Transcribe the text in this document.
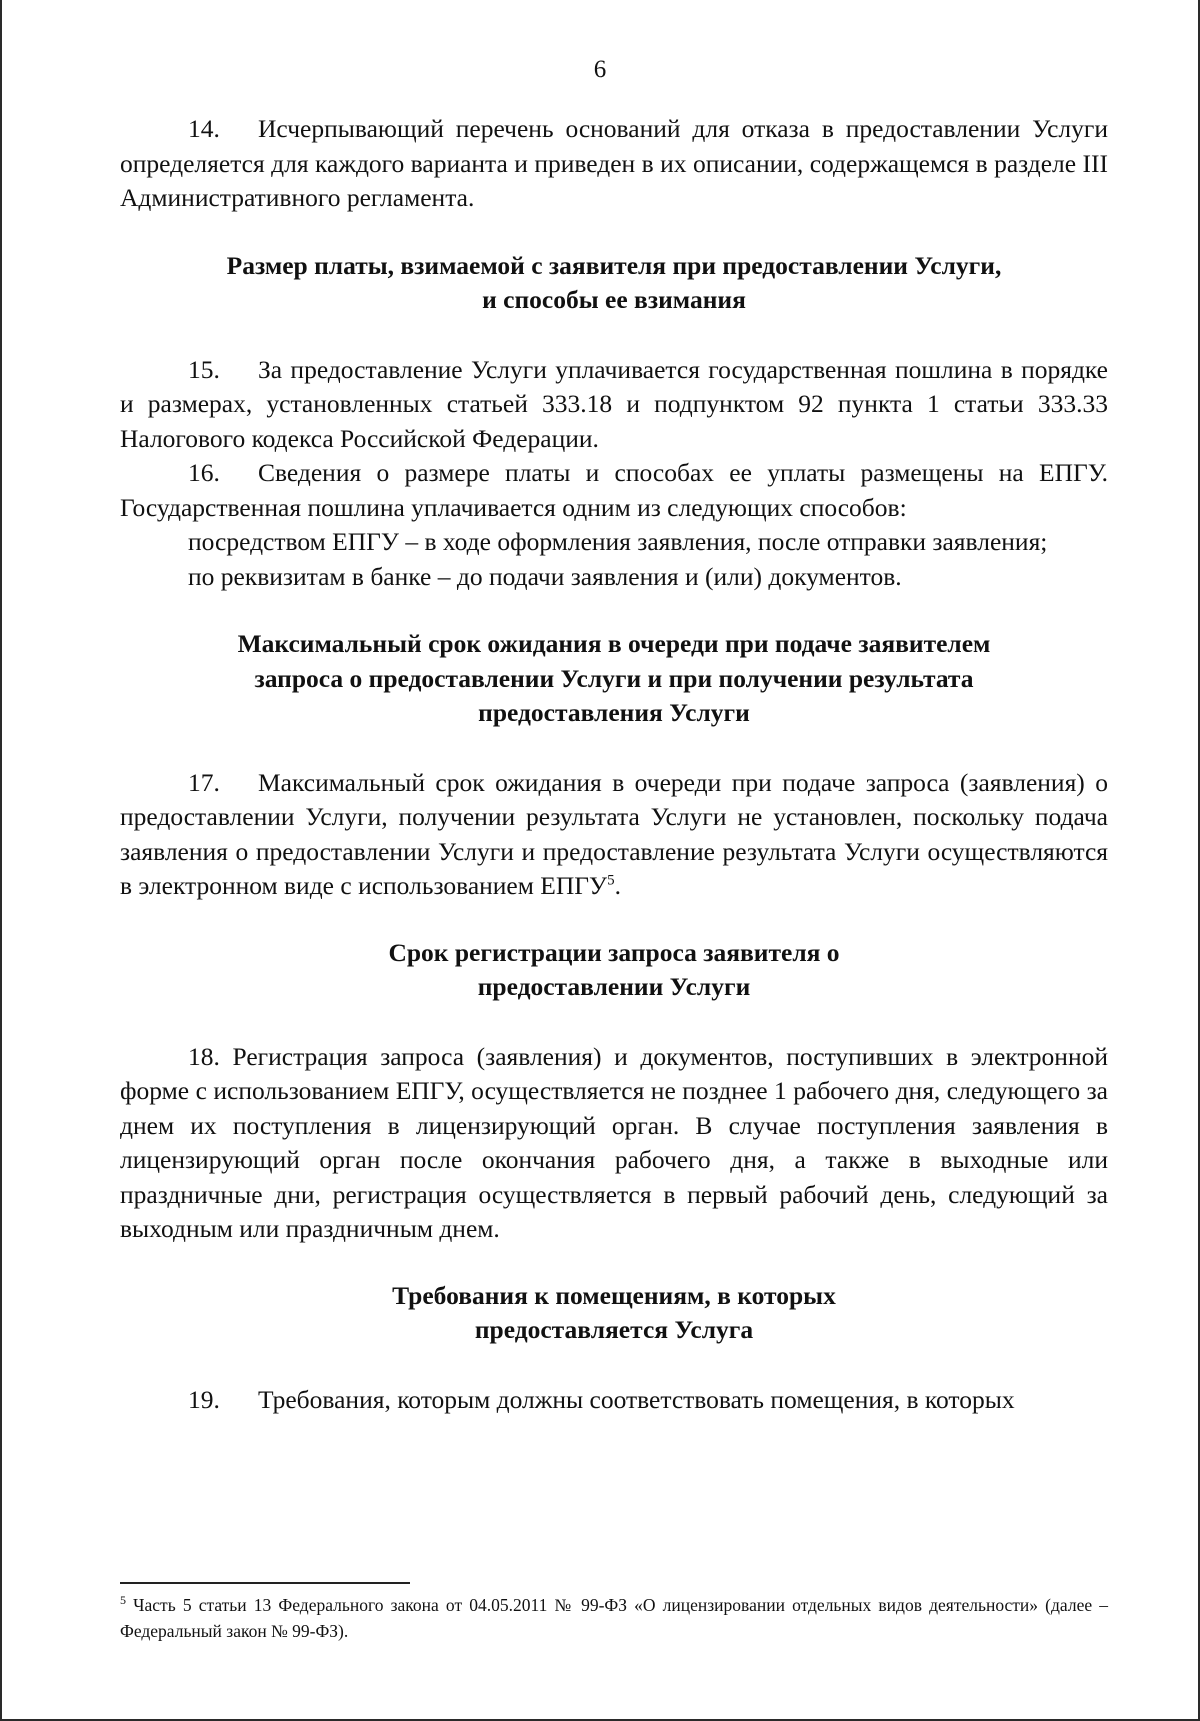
6

14. Исчерпывающий перечень оснований для отказа в предоставлении Услуги определяется для каждого варианта и приведен в их описании, содержащемся в разделе III Административного регламента.

Размер платы, взимаемой с заявителя при предоставлении Услуги,
и способы ее взимания

15. За предоставление Услуги уплачивается государственная пошлина в порядке и размерах, установленных статьей 333.18 и подпунктом 92 пункта 1 статьи 333.33 Налогового кодекса Российской Федерации.

16. Сведения о размере платы и способах ее уплаты размещены на ЕПГУ. Государственная пошлина уплачивается одним из следующих способов:

посредством ЕПГУ – в ходе оформления заявления, после отправки заявления;

по реквизитам в банке – до подачи заявления и (или) документов.

Максимальный срок ожидания в очереди при подаче заявителем
запроса о предоставлении Услуги и при получении результата
предоставления Услуги

17. Максимальный срок ожидания в очереди при подаче запроса (заявления) о предоставлении Услуги, получении результата Услуги не установлен, поскольку подача заявления о предоставлении Услуги и предоставление результата Услуги осуществляются в электронном виде с использованием ЕПГУ$^5$.

Срок регистрации запроса заявителя о
предоставлении Услуги

18. Регистрация запроса (заявления) и документов, поступивших в электронной форме с использованием ЕПГУ, осуществляется не позднее 1 рабочего дня, следующего за днем их поступления в лицензирующий орган. В случае поступления заявления в лицензирующий орган после окончания рабочего дня, а также в выходные или праздничные дни, регистрация осуществляется в первый рабочий день, следующий за выходным или праздничным днем.

Требования к помещениям, в которых
предоставляется Услуга

19. Требования, которым должны соответствовать помещения, в которых

$^5$ Часть 5 статьи 13 Федерального закона от 04.05.2011 № 99-ФЗ «О лицензировании отдельных видов деятельности» (далее – Федеральный закон № 99-ФЗ).
